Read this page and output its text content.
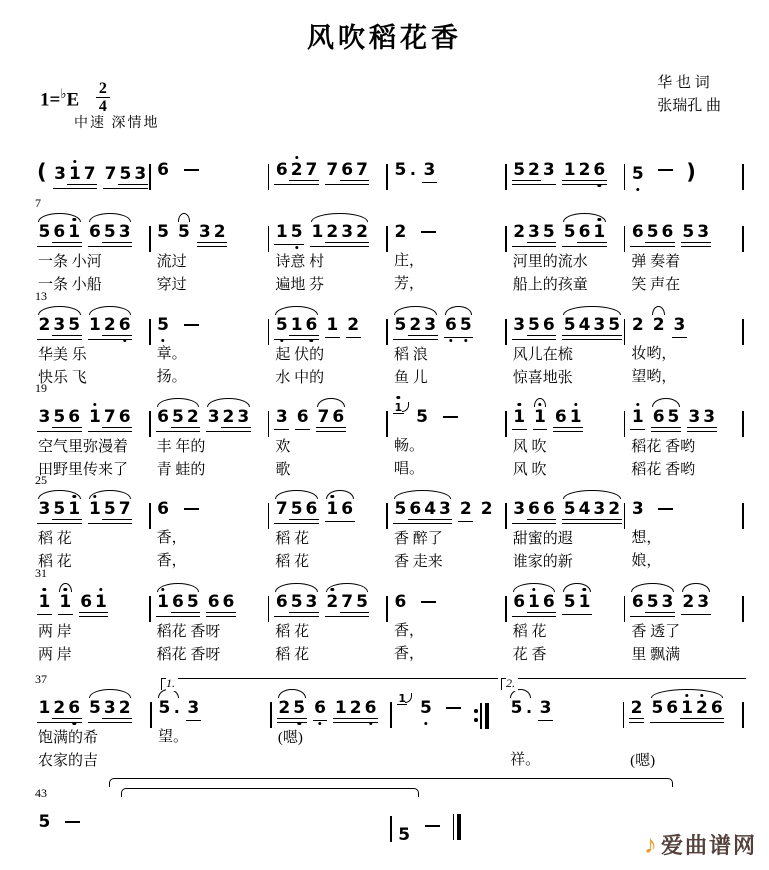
风吹稻花香
华 也 词
张瑞孔 曲
$1=^♭E \frac{2}{4}$
中速 深情地
( 3 1 7 7 5 3 6	6 2 7 7 6 7 5 . 3	5 2 3 1 2 6 5 )
7
5 6 1 6 5 3
一条 小河
一条 小船
5 5 3 2
流过
穿过
1 5 1 2 3 2
诗意 村
遍地 芬
2
庄，
芳，
2 3 5 5 6 1
河里的流水
船上的孩童
6 5 6 5 3
弹 奏着
笑 声在
13
2 3 5 1 2 6
华美 乐
快乐 飞
5
章。
扬。
5 1 6 1 2
起 伏的
水 中的
5 2 3 6 5
稻 浪
鱼 儿
3 5 6 5 4 3 5
风儿在梳
惊喜地张
2 2 3
妆哟，
望哟，
19
3 5 6 1 7 6
空气里弥漫着
田野里传来了
6 5 2 3 2 3
丰 年的
青 蛙的
3 6 7 6
欢
歌
1 5
畅。
唱。
1 1 6 1
风 吹
风 吹
1 6 5 3 3
稻花 香哟
稻花 香哟
25
3 5 1 1 5 7
稻 花
稻 花
6
香，
香，
7 5 6 1 6
稻 花
稻 花
5 6 4 3 2 2
香 醉了
香 走来
3 6 6 5 4 3 2
甜蜜的遐
谁家的新
3
想，
娘，
31
1 1 6 1
两 岸
两 岸
1 6 5 6 6
稻花 香呀
稻花 香呀
6 5 3 2 7 5
稻 花
稻 花
6
香，
香，
6 1 6 5 1
稻 花
花 香
6 5 3 2 3
香 透了
里 飘满
37
1 2 6 5 3 2
饱满的希
农家的吉
5 . 3
望。
2 5 6 1 2 6
(嗯)
1 5	5 . 3
祥。
2 5 6 1 2 6
(嗯)
1.	2.
43
5
5	♪ 爱曲谱网
